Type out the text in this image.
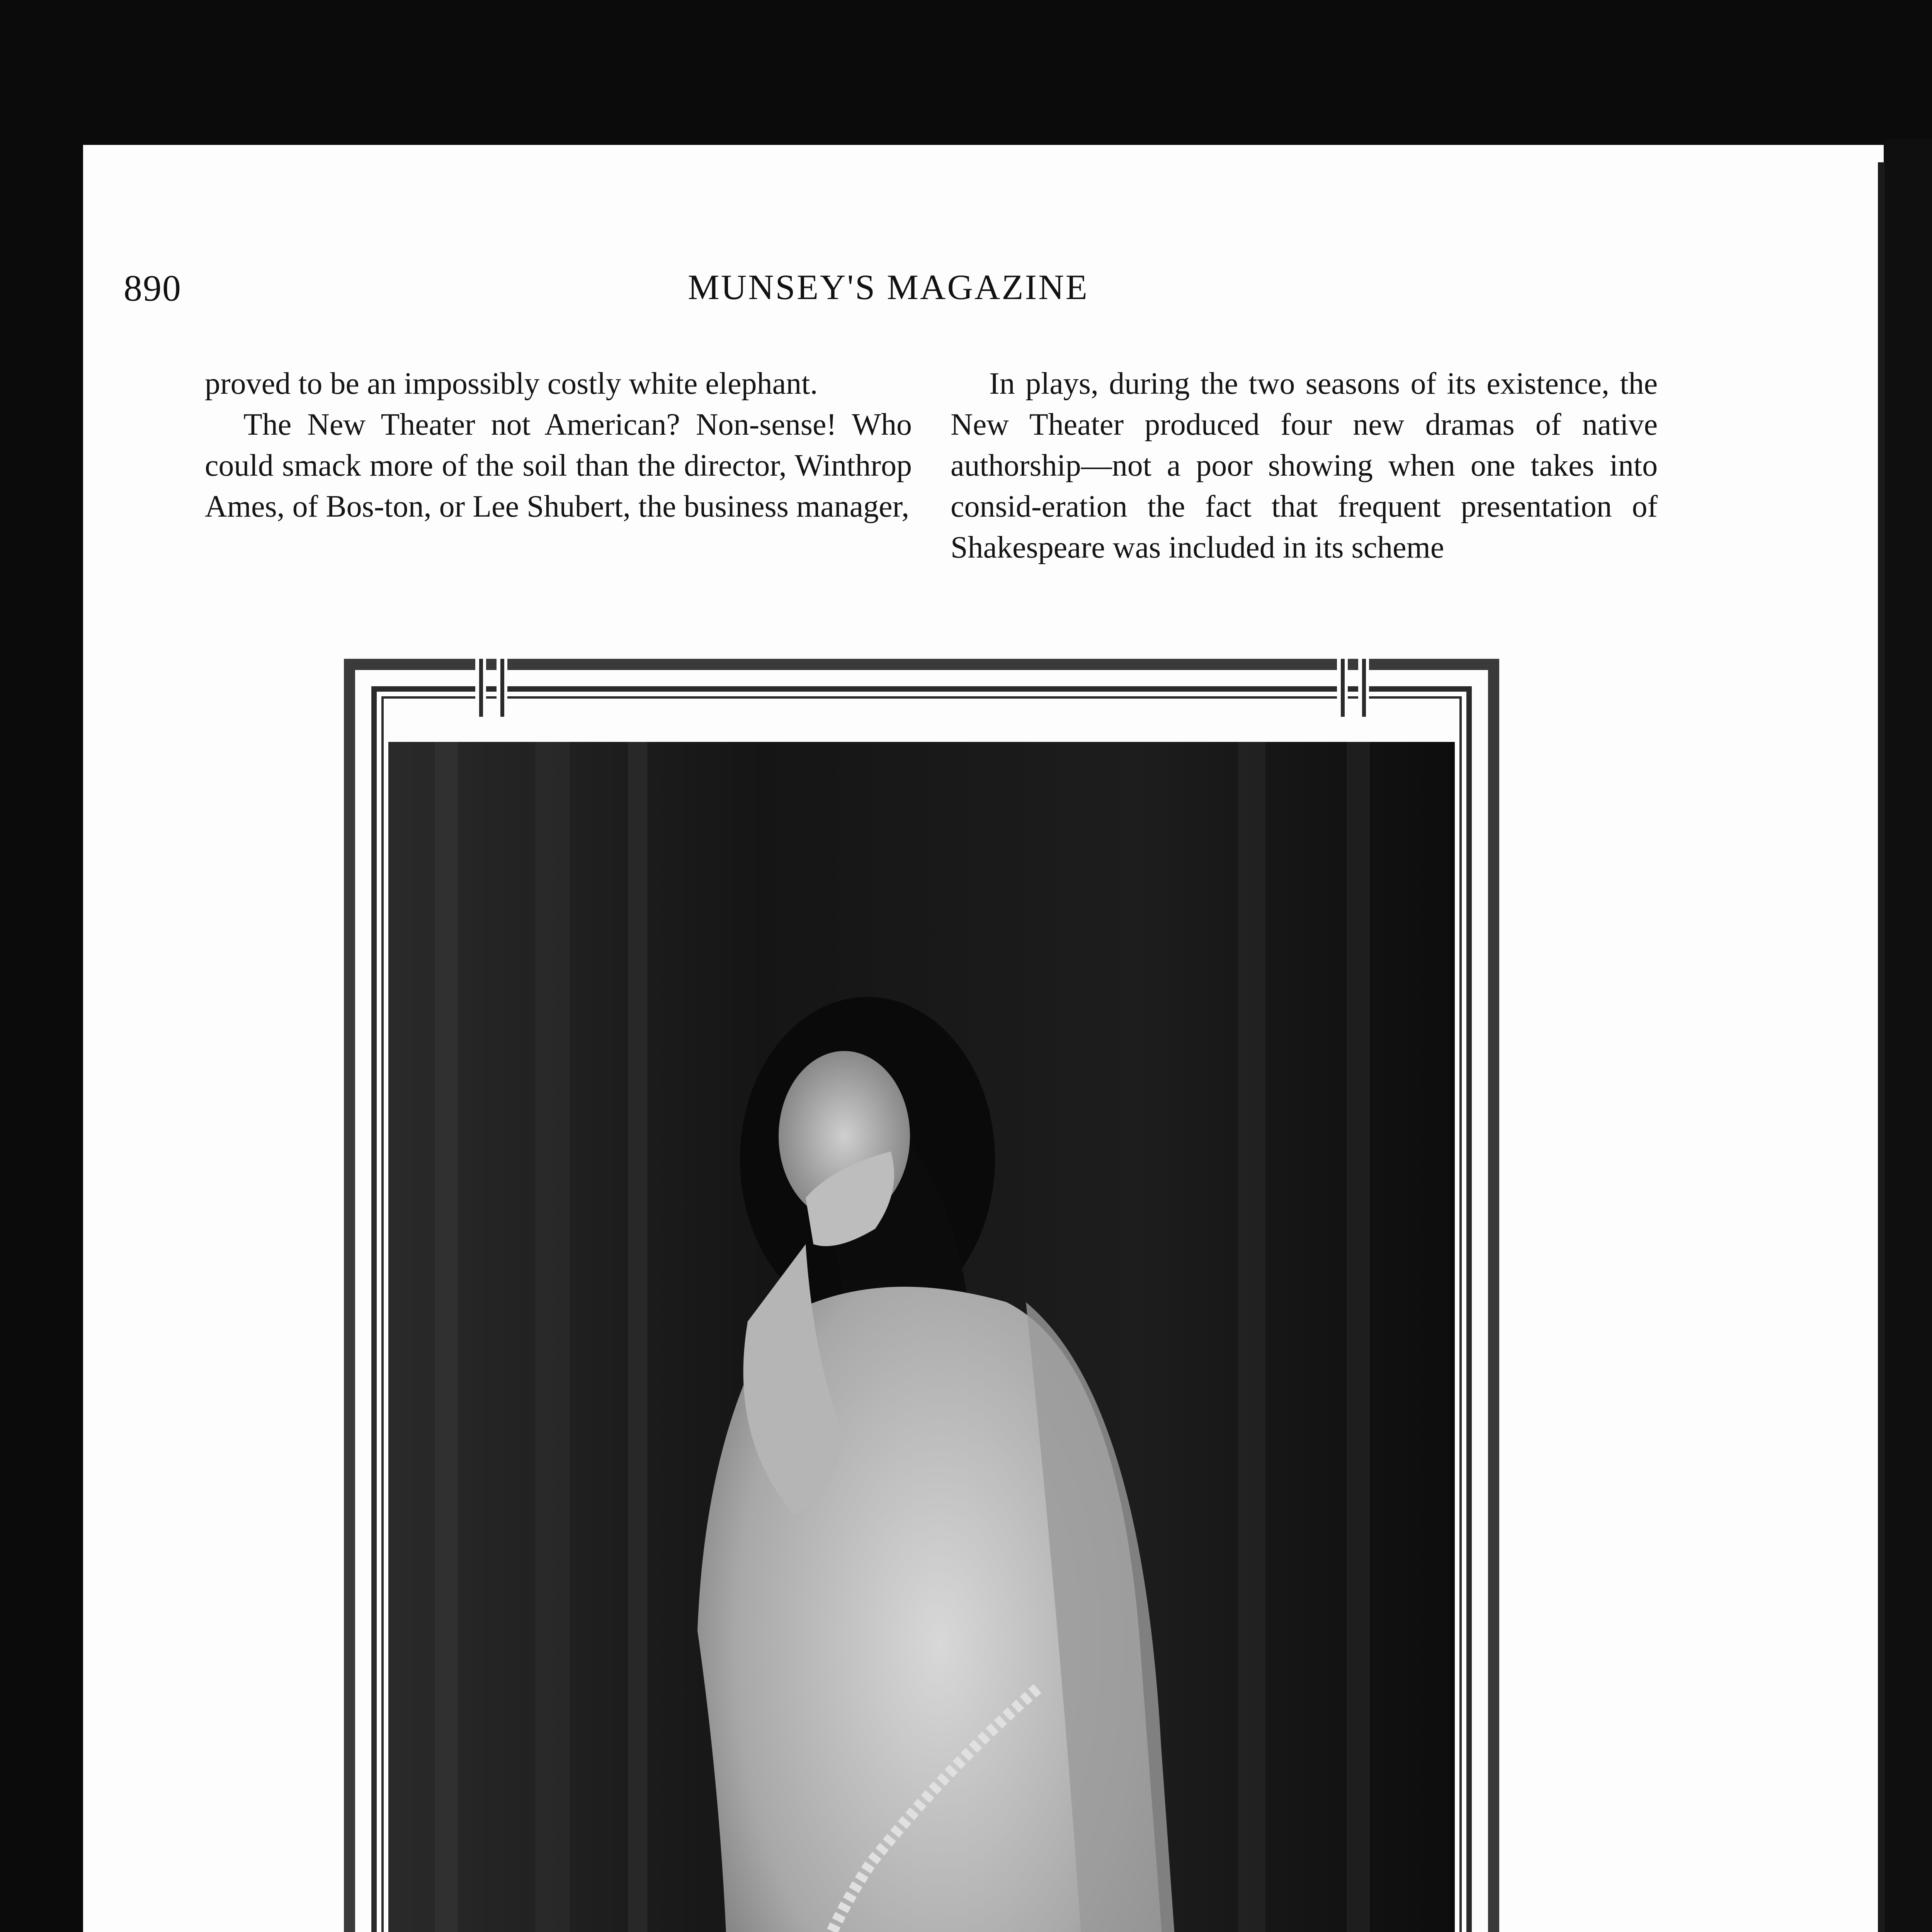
890	MUNSEY'S MAGAZINE

proved to be an impossibly costly white elephant.

The New Theater not American? Non-sense! Who could smack more of the soil than the director, Winthrop Ames, of Bos-ton, or Lee Shubert, the business manager,

In plays, during the two seasons of its existence, the New Theater produced four new dramas of native authorship—not a poor showing when one takes into consid-eration the fact that frequent presentation of Shakespeare was included in its scheme
